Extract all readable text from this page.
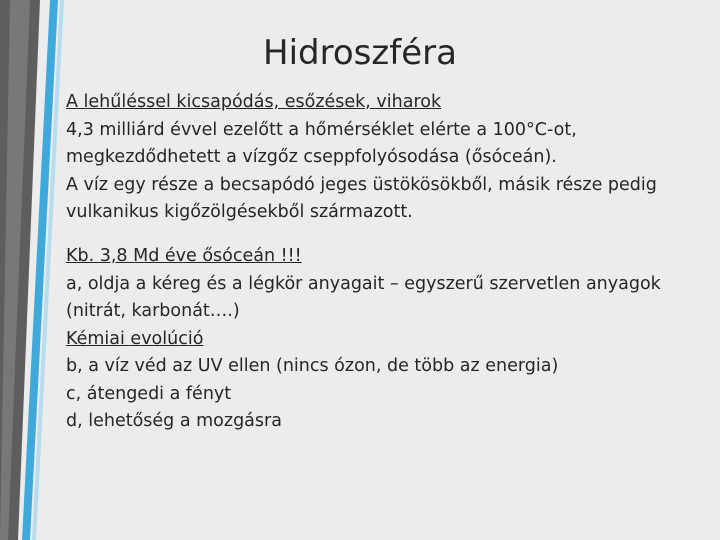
Hidroszféra
A lehűléssel kicsapódás, esőzések, viharok
4,3 milliárd évvel ezelőtt a hőmérséklet elérte a 100°C-ot,
megkezdődhetett a vízgőz cseppfolyósodása (ősóceán).
A víz egy része a becsapódó jeges üstökösökből, másik része pedig
vulkanikus kigőzölgésekből származott.
Kb. 3,8 Md éve ősóceán !!!
a, oldja a kéreg és a légkör anyagait – egyszerű szervetlen anyagok
(nitrát, karbonát….)
Kémiai evolúció
b, a víz véd az UV ellen (nincs ózon, de több az energia)
c, átengedi a fényt
d, lehetőség a mozgásra
